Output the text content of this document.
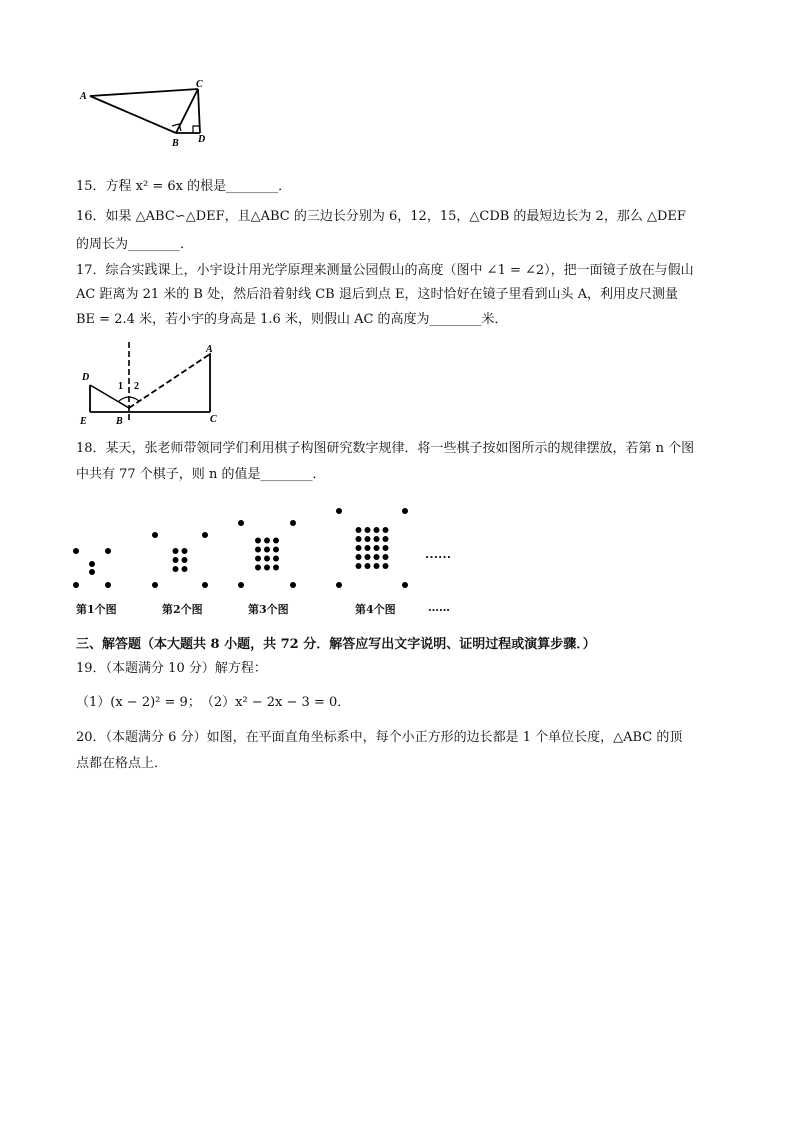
A
C
B D
15．方程 x² = 6x 的根是________．
16．如果 △ABC∽△DEF，且△ABC 的三边长分别为 6，12，15，△CDB 的最短边长为 2，那么 △DEF
的周长为________．
17．综合实践课上，小宇设计用光学原理来测量公园假山的高度（图中 ∠1 = ∠2），把一面镜子放在与假山
AC 距离为 21 米的 B 处，然后沿着射线 CB 退后到点 E，这时恰好在镜子里看到山头 A，利用皮尺测量
BE = 2.4 米，若小宇的身高是 1.6 米，则假山 AC 的高度为________米．
1 2
D
E	B	C
A
18．某天，张老师带领同学们利用棋子构图研究数字规律．将一些棋子按如图所示的规律摆放，若第 n 个图
中共有 77 个棋子，则 n 的值是________．
……
第1个图	第2个图	第3个图	第4个图	……
三、解答题（本大题共 8 小题，共 72 分．解答应写出文字说明、证明过程或演算步骤．）
19．（本题满分 10 分）解方程：
（1）(x − 2)² = 9；　（2）x² − 2x − 3 = 0．
20．（本题满分 6 分）如图，在平面直角坐标系中，每个小正方形的边长都是 1 个单位长度，△ABC 的顶
点都在格点上．
